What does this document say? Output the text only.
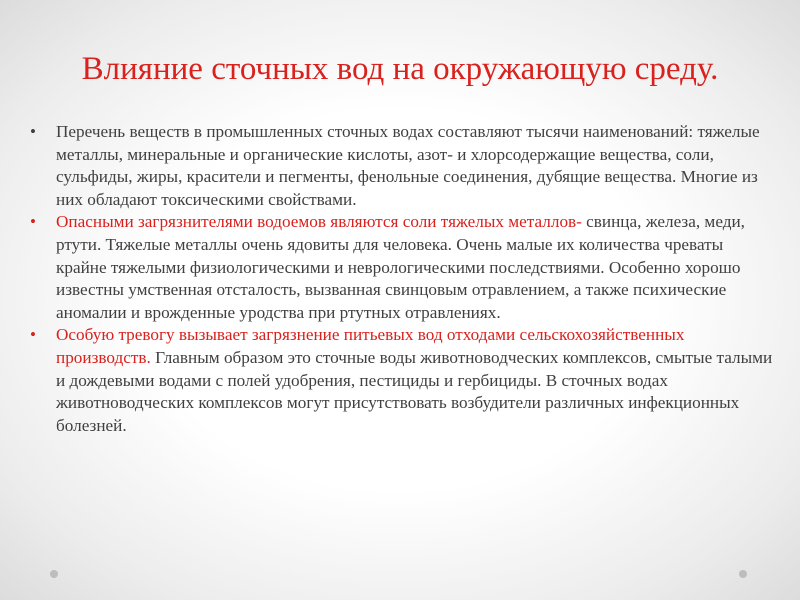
Влияние сточных вод на окружающую среду.
•	Перечень веществ в промышленных сточных водах составляют тысячи наименований: тяжелые металлы, минеральные и органические кислоты, азот- и хлорсодержащие вещества, соли, сульфиды, жиры, красители и пегменты, фенольные соединения, дубящие вещества. Многие из них обладают токсическими свойствами.
•	Опасными загрязнителями водоемов являются соли тяжелых металлов- свинца, железа, меди, ртути. Тяжелые металлы очень ядовиты для человека. Очень малые их количества чреваты крайне тяжелыми физиологическими и неврологическими последствиями. Особенно хорошо известны умственная отсталость, вызванная свинцовым отравлением, а также психические аномалии и врожденные уродства при ртутных отравлениях.
•	Особую тревогу вызывает загрязнение питьевых вод отходами сельскохозяйственных производств. Главным образом это сточные воды животноводческих комплексов, смытые талыми и дождевыми водами с полей удобрения, пестициды и гербициды. В сточных водах животноводческих комплексов могут присутствовать возбудители различных инфекционных болезней.
